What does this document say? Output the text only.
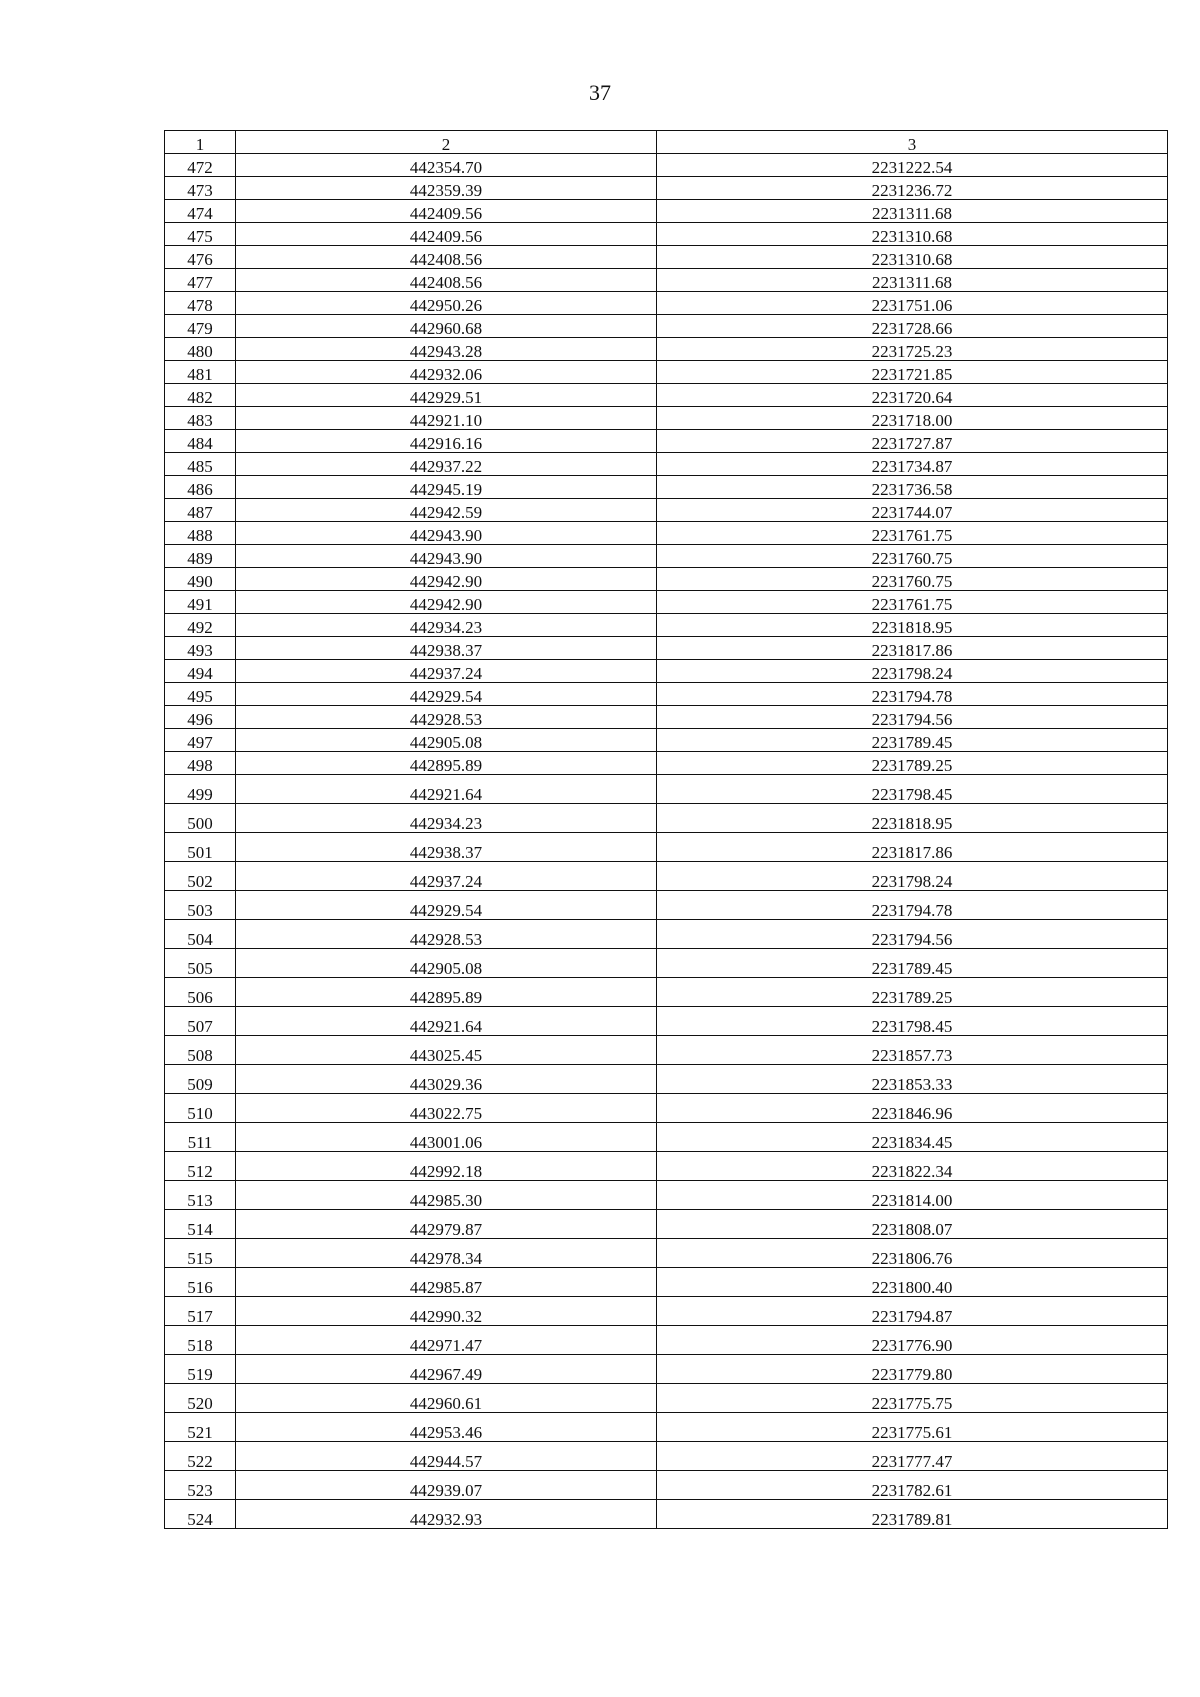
37
1	2	3
472	442354.70	2231222.54
473	442359.39	2231236.72
474	442409.56	2231311.68
475	442409.56	2231310.68
476	442408.56	2231310.68
477	442408.56	2231311.68
478	442950.26	2231751.06
479	442960.68	2231728.66
480	442943.28	2231725.23
481	442932.06	2231721.85
482	442929.51	2231720.64
483	442921.10	2231718.00
484	442916.16	2231727.87
485	442937.22	2231734.87
486	442945.19	2231736.58
487	442942.59	2231744.07
488	442943.90	2231761.75
489	442943.90	2231760.75
490	442942.90	2231760.75
491	442942.90	2231761.75
492	442934.23	2231818.95
493	442938.37	2231817.86
494	442937.24	2231798.24
495	442929.54	2231794.78
496	442928.53	2231794.56
497	442905.08	2231789.45
498	442895.89	2231789.25
499	442921.64	2231798.45
500	442934.23	2231818.95
501	442938.37	2231817.86
502	442937.24	2231798.24
503	442929.54	2231794.78
504	442928.53	2231794.56
505	442905.08	2231789.45
506	442895.89	2231789.25
507	442921.64	2231798.45
508	443025.45	2231857.73
509	443029.36	2231853.33
510	443022.75	2231846.96
511	443001.06	2231834.45
512	442992.18	2231822.34
513	442985.30	2231814.00
514	442979.87	2231808.07
515	442978.34	2231806.76
516	442985.87	2231800.40
517	442990.32	2231794.87
518	442971.47	2231776.90
519	442967.49	2231779.80
520	442960.61	2231775.75
521	442953.46	2231775.61
522	442944.57	2231777.47
523	442939.07	2231782.61
524	442932.93	2231789.81
